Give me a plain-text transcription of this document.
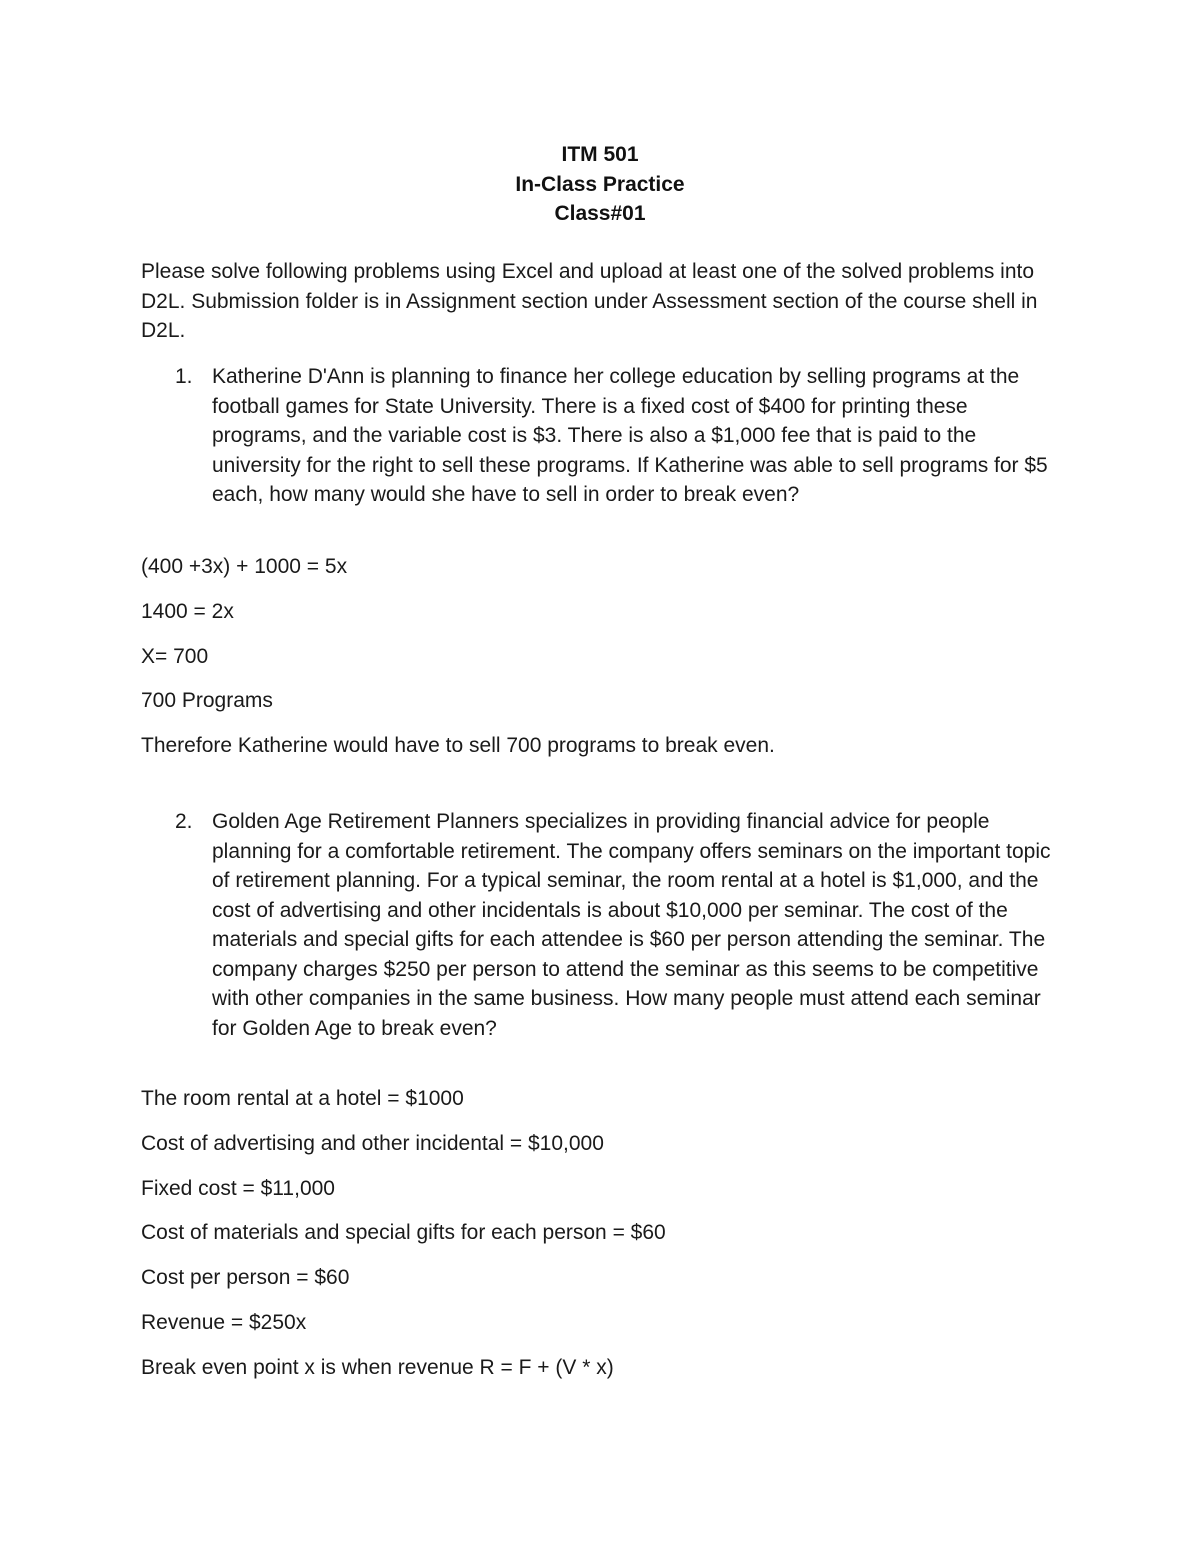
ITM 501
In-Class Practice
Class#01
Please solve following problems using Excel and upload at least one of the solved problems into D2L. Submission folder is in Assignment section under Assessment section of the course shell in D2L.
1. Katherine D'Ann is planning to finance her college education by selling programs at the football games for State University. There is a fixed cost of $400 for printing these programs, and the variable cost is $3. There is also a $1,000 fee that is paid to the university for the right to sell these programs. If Katherine was able to sell programs for $5 each, how many would she have to sell in order to break even?
(400 +3x) + 1000 = 5x
1400 = 2x
X= 700
700 Programs
Therefore Katherine would have to sell 700 programs to break even.
2. Golden Age Retirement Planners specializes in providing financial advice for people planning for a comfortable retirement. The company offers seminars on the important topic of retirement planning. For a typical seminar, the room rental at a hotel is $1,000, and the cost of advertising and other incidentals is about $10,000 per seminar. The cost of the materials and special gifts for each attendee is $60 per person attending the seminar. The company charges $250 per person to attend the seminar as this seems to be competitive with other companies in the same business. How many people must attend each seminar for Golden Age to break even?
The room rental at a hotel = $1000
Cost of advertising and other incidental = $10,000
Fixed cost = $11,000
Cost of materials and special gifts for each person = $60
Cost per person = $60
Revenue = $250x
Break even point x is when revenue R = F + (V * x)
